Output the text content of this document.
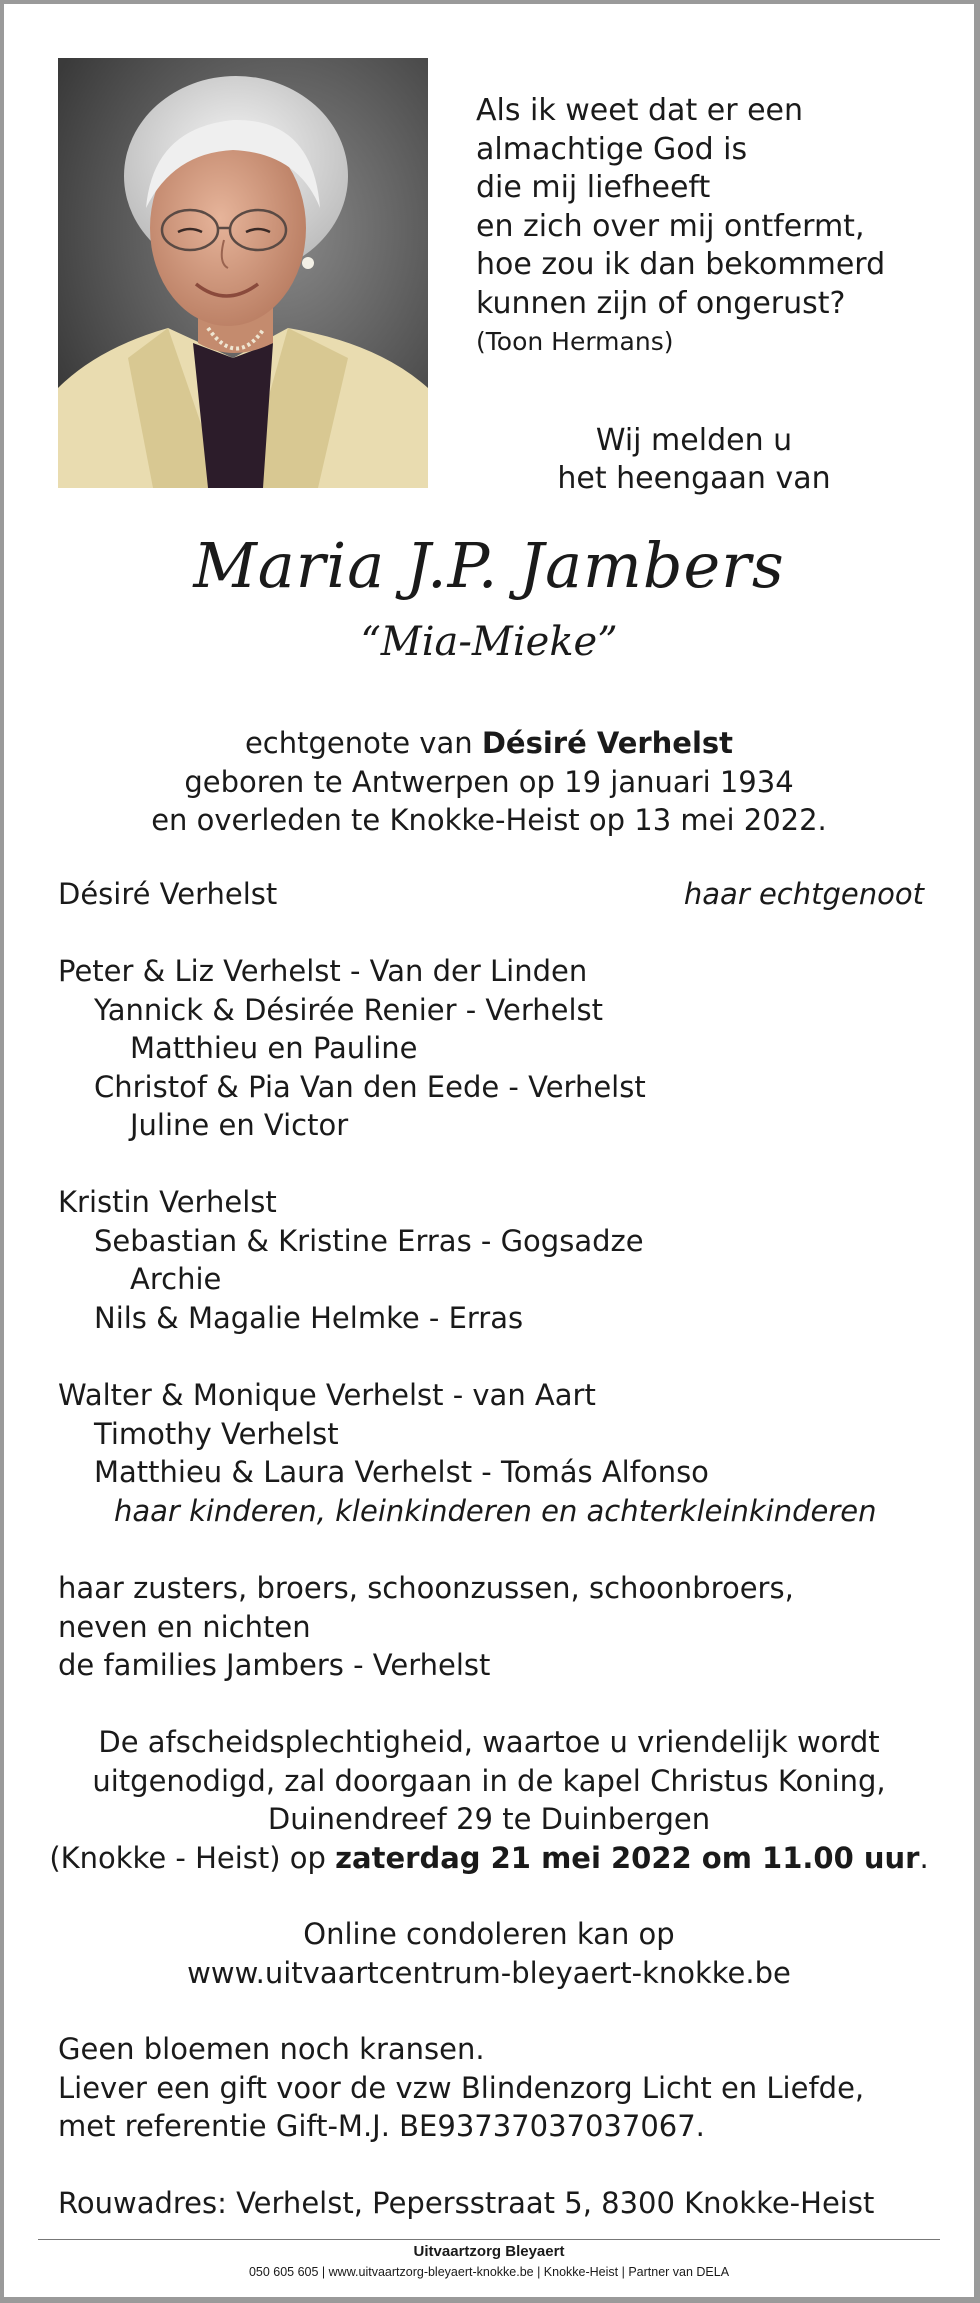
Als ik weet dat er een
almachtige God is
die mij liefheeft
en zich over mij ontfermt,
hoe zou ik dan bekommerd
kunnen zijn of ongerust?
(Toon Hermans)
Wij melden u
het heengaan van
Maria J.P. Jambers
“Mia-Mieke”
echtgenote van Désiré Verhelst
geboren te Antwerpen op 19 januari 1934
en overleden te Knokke-Heist op 13 mei 2022.
Désiré Verhelst	haar echtgenoot
Peter & Liz Verhelst - Van der Linden
Yannick & Désirée Renier - Verhelst
Matthieu en Pauline
Christof & Pia Van den Eede - Verhelst
Juline en Victor
Kristin Verhelst
Sebastian & Kristine Erras - Gogsadze
Archie
Nils & Magalie Helmke - Erras
Walter & Monique Verhelst - van Aart
Timothy Verhelst
Matthieu & Laura Verhelst - Tomás Alfonso
haar kinderen, kleinkinderen en achterkleinkinderen
haar zusters, broers, schoonzussen, schoonbroers,
neven en nichten
de families Jambers - Verhelst
De afscheidsplechtigheid, waartoe u vriendelijk wordt
uitgenodigd, zal doorgaan in de kapel Christus Koning,
Duinendreef 29 te Duinbergen
(Knokke - Heist) op zaterdag 21 mei 2022 om 11.00 uur.
Online condoleren kan op
www.uitvaartcentrum-bleyaert-knokke.be
Geen bloemen noch kransen.
Liever een gift voor de vzw Blindenzorg Licht en Liefde,
met referentie Gift-M.J. BE93737037037067.
Rouwadres: Verhelst, Pepersstraat 5, 8300 Knokke-Heist
Uitvaartzorg Bleyaert
050 605 605 | www.uitvaartzorg-bleyaert-knokke.be | Knokke-Heist | Partner van DELA
